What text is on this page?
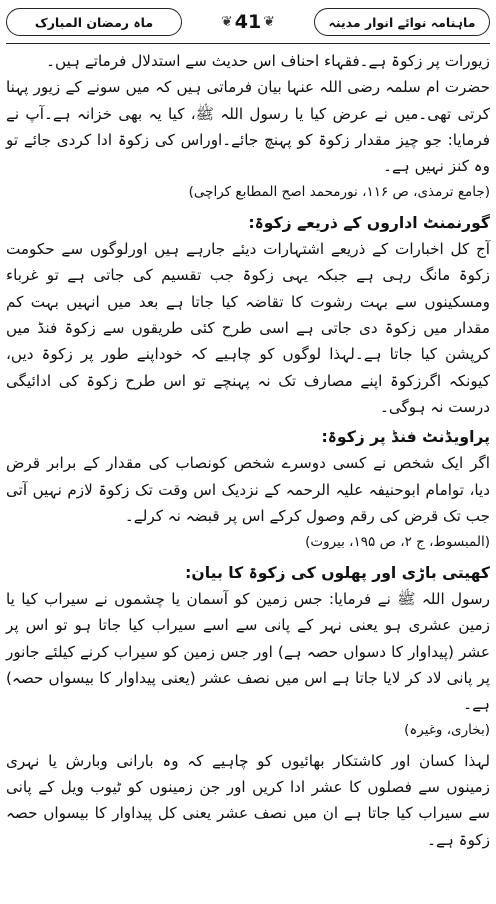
ماہ رمضان المبارک	❦ 41 ❦	ماہنامہ نوائے انوار مدینہ

زیورات پر زکوۃ ہے۔فقہاء احناف اس حدیث سے استدلال فرماتے ہیں۔

حضرت ام سلمہ رضی اللہ عنہا بیان فرماتی ہیں کہ میں سونے کے زیور پہنا کرتی تھی۔میں نے عرض کیا یا رسول اللہ ﷺ، کیا یہ بھی خزانہ ہے۔آپ نے فرمایا: جو چیز مقدار زکوۃ کو پہنچ جائے۔اوراس کی زکوۃ ادا کردی جائے تو وہ کنز نہیں ہے۔

(جامع ترمذی، ص ۱۱۶، نورمحمد اصح المطابع کراچی)

گورنمنٹ اداروں کے ذریعے زکوۃ:

آج کل اخبارات کے ذریعے اشتہارات دیئے جارہے ہیں اورلوگوں سے حکومت زکوۃ مانگ رہی ہے جبکہ یہی زکوۃ جب تقسیم کی جاتی ہے تو غرباء ومسکینوں سے بہت رشوت کا تقاضہ کیا جاتا ہے بعد میں انہیں بہت کم مقدار میں زکوۃ دی جاتی ہے اسی طرح کئی طریقوں سے زکوۃ فنڈ میں کرپشن کیا جاتا ہے۔لہذا لوگوں کو چاہیے کہ خوداپنے طور پر زکوۃ دیں، کیونکہ اگرزکوۃ اپنے مصارف تک نہ پہنچے تو اس طرح زکوۃ کی ادائیگی درست نہ ہوگی۔

پراویڈنٹ فنڈ پر زکوۃ:

اگر ایک شخص نے کسی دوسرے شخص کونصاب کی مقدار کے برابر قرض دیا، توامام ابوحنیفہ علیہ الرحمہ کے نزدیک اس وقت تک زکوۃ لازم نہیں آتی جب تک قرض کی رقم وصول کرکے اس پر قبضہ نہ کرلے۔

(المبسوط، ج ۲، ص ۱۹۵، بیروت)

کھیتی باڑی اور پھلوں کی زکوۃ کا بیان:

رسول اللہ ﷺ نے فرمایا: جس زمین کو آسمان یا چشموں نے سیراب کیا یا زمین عشری ہو یعنی نہر کے پانی سے اسے سیراب کیا جاتا ہو تو اس پر عشر (پیداوار کا دسواں حصہ ہے) اور جس زمین کو سیراب کرنے کیلئے جانور پر پانی لاد کر لایا جاتا ہے اس میں نصف عشر (یعنی پیداوار کا بیسواں حصہ) ہے۔

(بخاری، وغیرہ)

لہذا کسان اور کاشتکار بھائیوں کو چاہیے کہ وہ بارانی وبارش یا نہری زمینوں سے فصلوں کا عشر ادا کریں اور جن زمینوں کو ٹیوب ویل کے پانی سے سیراب کیا جاتا ہے ان میں نصف عشر یعنی کل پیداوار کا بیسواں حصہ زکوۃ ہے۔
